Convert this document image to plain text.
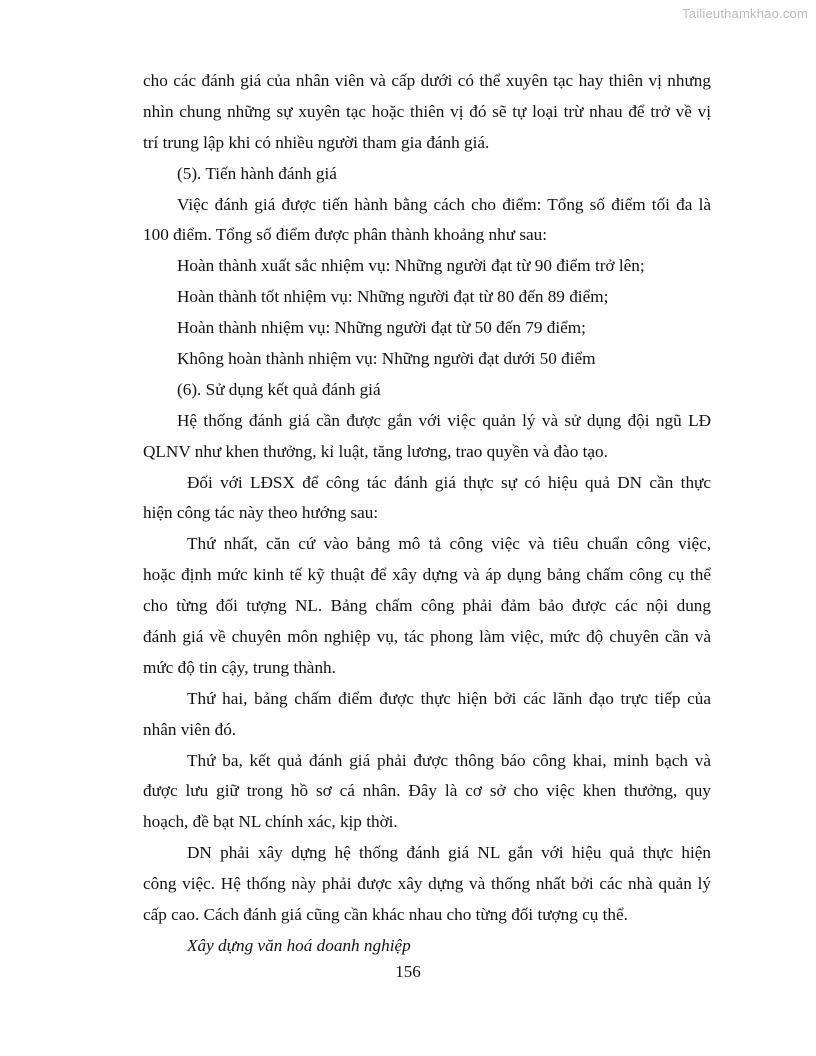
Tailieuthamkhao.com
cho các đánh giá của nhân viên và cấp dưới có thể xuyên tạc hay thiên vị nhưng
nhìn chung những sự xuyên tạc hoặc thiên vị đó sẽ tự loại trừ nhau để trở về vị
trí trung lập khi có nhiều người tham gia đánh giá.
(5). Tiến hành đánh giá
Việc đánh giá được tiến hành bằng cách cho điểm: Tổng số điểm tối đa là
100 điểm. Tổng số điểm được phân thành khoảng như sau:
Hoàn thành xuất sắc nhiệm vụ: Những người đạt từ 90 điểm trở lên;
Hoàn thành tốt nhiệm vụ: Những người đạt từ 80 đến 89 điểm;
Hoàn thành nhiệm vụ: Những người đạt từ 50 đến 79 điểm;
Không hoàn thành nhiệm vụ: Những người đạt dưới 50 điểm
(6). Sử dụng kết quả đánh giá
Hệ thống đánh giá cần được gắn với việc quản lý và sử dụng đội ngũ LĐ
QLNV như khen thưởng, kỉ luật, tăng lương, trao quyền và đào tạo.
Đối với LĐSX để công tác đánh giá thực sự có hiệu quả DN cần thực
hiện công tác này theo hướng sau:
Thứ nhất, căn cứ vào bảng mô tả công việc và tiêu chuẩn công việc,
hoặc định mức kinh tế kỹ thuật để xây dựng và áp dụng bảng chấm công cụ thể
cho từng đối tượng NL. Bảng chấm công phải đảm bảo được các nội dung
đánh giá về chuyên môn nghiệp vụ, tác phong làm việc, mức độ chuyên cần và
mức độ tin cậy, trung thành.
Thứ hai, bảng chấm điểm được thực hiện bởi các lãnh đạo trực tiếp của
nhân viên đó.
Thứ ba, kết quả đánh giá phải được thông báo công khai, minh bạch và
được lưu giữ trong hồ sơ cá nhân. Đây là cơ sở cho việc khen thưởng, quy
hoạch, đề bạt NL chính xác, kịp thời.
DN phải xây dựng hệ thống đánh giá NL gắn với hiệu quả thực hiện
công việc. Hệ thống này phải được xây dựng và thống nhất bởi các nhà quản lý
cấp cao. Cách đánh giá cũng cần khác nhau cho từng đối tượng cụ thể.
Xây dựng văn hoá doanh nghiệp
156
